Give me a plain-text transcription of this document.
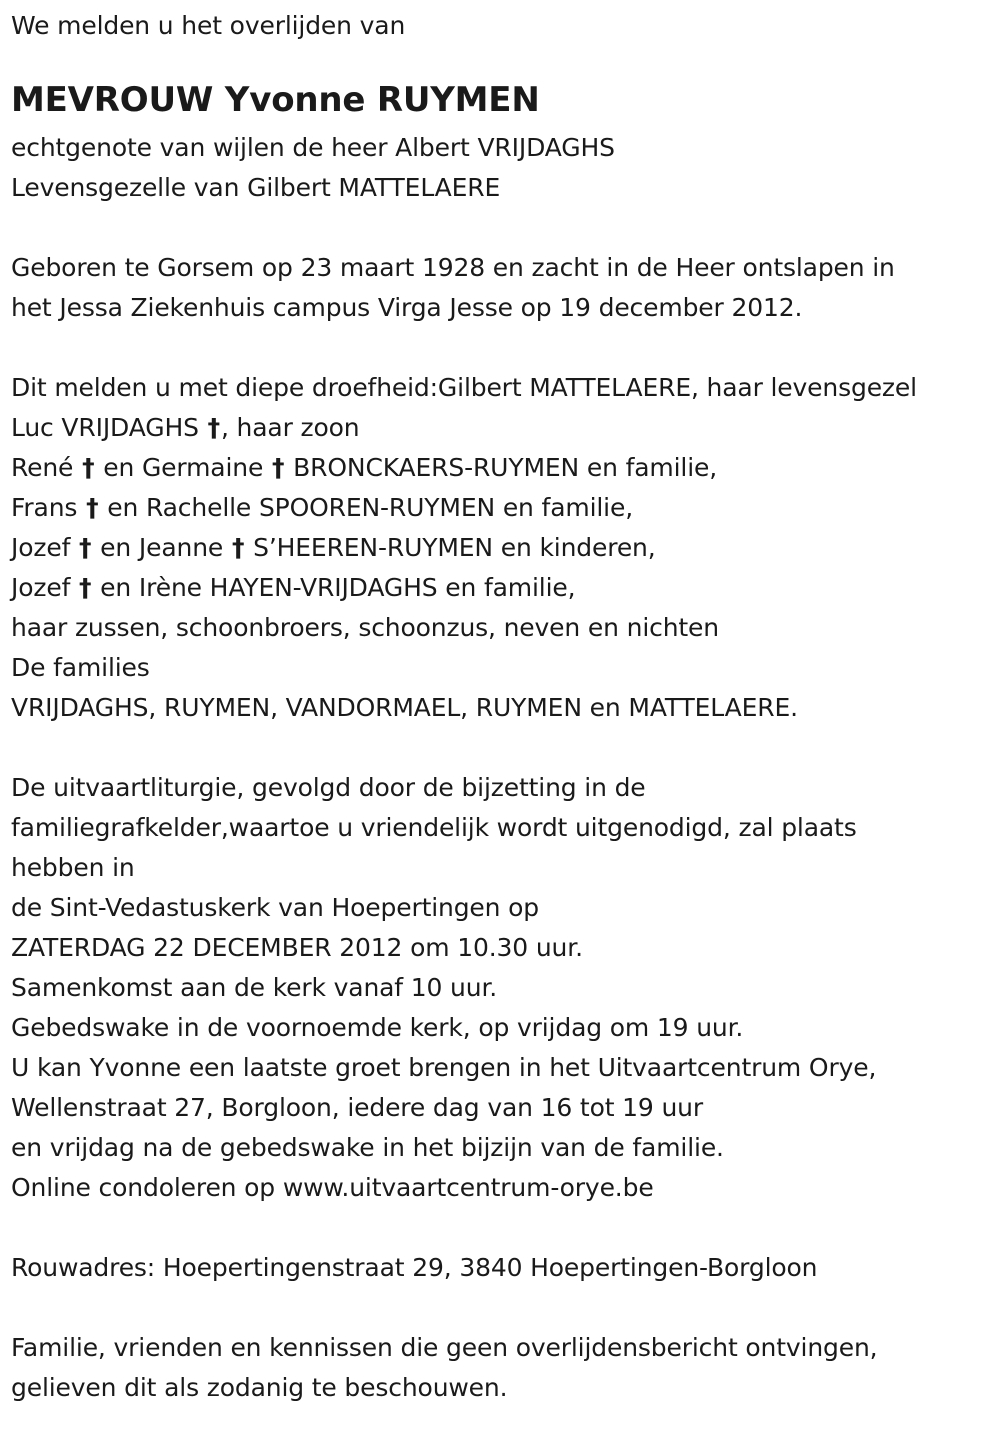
We melden u het overlijden van
MEVROUW Yvonne RUYMEN
echtgenote van wijlen de heer Albert VRIJDAGHS
Levensgezelle van Gilbert MATTELAERE
Geboren te Gorsem op 23 maart 1928 en zacht in de Heer ontslapen in
het Jessa Ziekenhuis campus Virga Jesse op 19 december 2012.
Dit melden u met diepe droefheid:Gilbert MATTELAERE, haar levensgezel
Luc VRIJDAGHS †, haar zoon
René † en Germaine † BRONCKAERS-RUYMEN en familie,
Frans † en Rachelle SPOOREN-RUYMEN en familie,
Jozef † en Jeanne † S’HEEREN-RUYMEN en kinderen,
Jozef † en Irène HAYEN-VRIJDAGHS en familie,
haar zussen, schoonbroers, schoonzus, neven en nichten
De families
VRIJDAGHS, RUYMEN, VANDORMAEL, RUYMEN en MATTELAERE.
De uitvaartliturgie, gevolgd door de bijzetting in de
familiegrafkelder,waartoe u vriendelijk wordt uitgenodigd, zal plaats
hebben in
de Sint-Vedastuskerk van Hoepertingen op
ZATERDAG 22 DECEMBER 2012 om 10.30 uur.
Samenkomst aan de kerk vanaf 10 uur.
Gebedswake in de voornoemde kerk, op vrijdag om 19 uur.
U kan Yvonne een laatste groet brengen in het Uitvaartcentrum Orye,
Wellenstraat 27, Borgloon, iedere dag van 16 tot 19 uur
en vrijdag na de gebedswake in het bijzijn van de familie.
Online condoleren op www.uitvaartcentrum-orye.be
Rouwadres: Hoepertingenstraat 29, 3840 Hoepertingen-Borgloon
Familie, vrienden en kennissen die geen overlijdensbericht ontvingen,
gelieven dit als zodanig te beschouwen.
